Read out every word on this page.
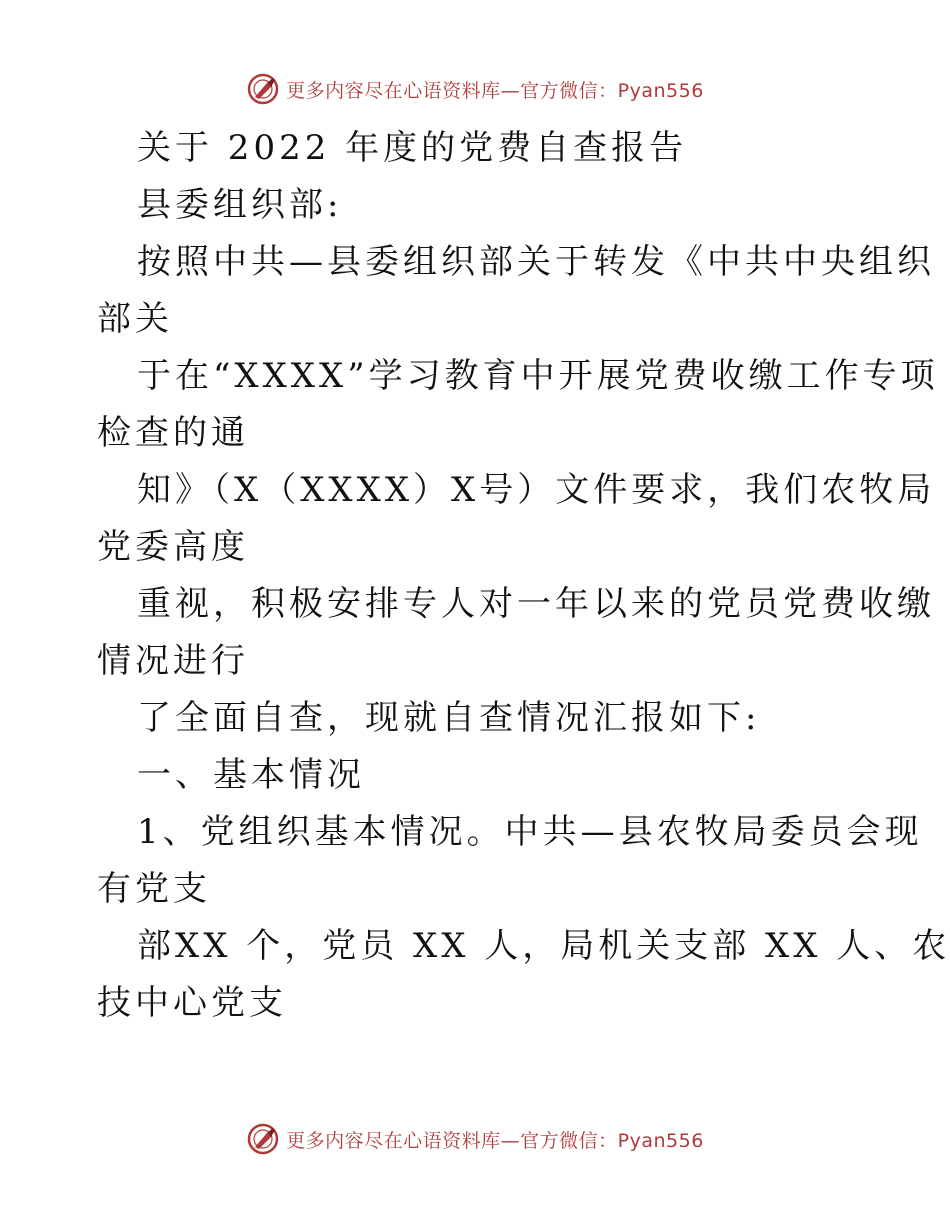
更多内容尽在心语资料库—官方微信：Pyan556
关于 2022 年度的党费自查报告
县委组织部:
按照中共—县委组织部关于转发《中共中央组织
部关
于在“XXXX”学习教育中开展党费收缴工作专项
检查的通
知》（X（XXXX）X号）文件要求，我们农牧局
党委高度
重视，积极安排专人对一年以来的党员党费收缴
情况进行
了全面自查，现就自查情况汇报如下:
一、基本情况
1、党组织基本情况。中共—县农牧局委员会现
有党支
部XX 个，党员 XX 人，局机关支部 XX 人、农
技中心党支
更多内容尽在心语资料库—官方微信：Pyan556
